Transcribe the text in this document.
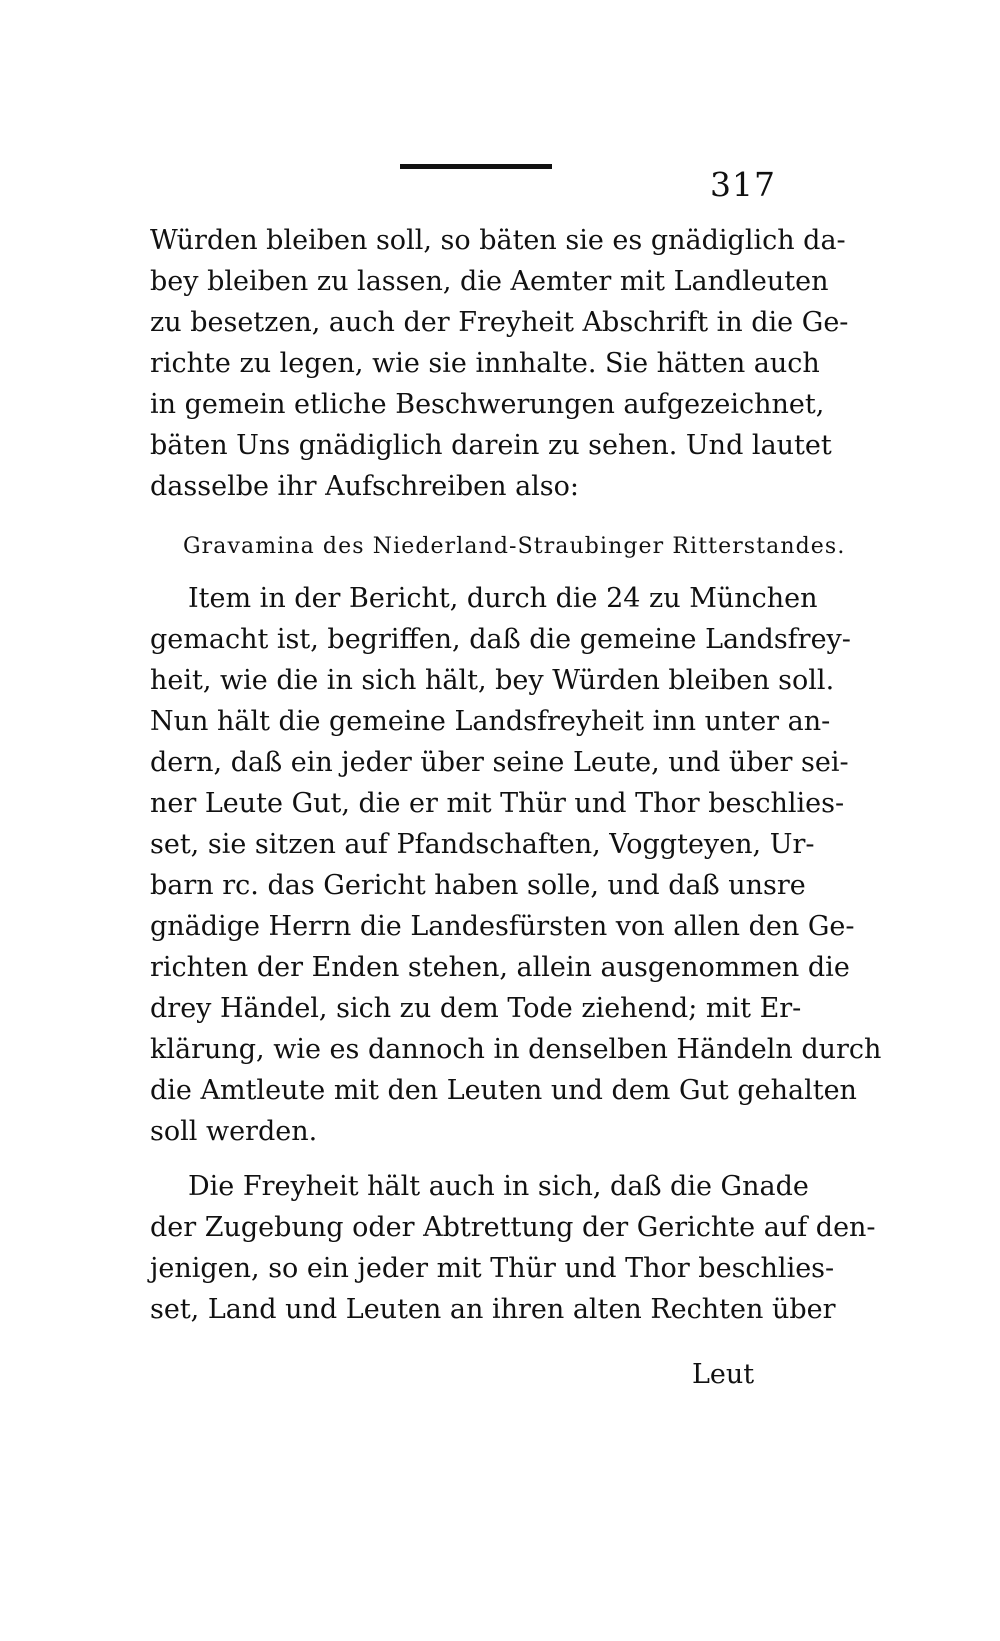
317
Würden bleiben soll, so bäten sie es gnädiglich da-
bey bleiben zu lassen, die Aemter mit Landleuten
zu besetzen, auch der Freyheit Abschrift in die Ge-
richte zu legen, wie sie innhalte. Sie hätten auch
in gemein etliche Beschwerungen aufgezeichnet,
bäten Uns gnädiglich darein zu sehen. Und lautet
dasselbe ihr Aufschreiben also:
Gravamina des Niederland-Straubinger Ritterstandes.
Item in der Bericht, durch die 24 zu München
gemacht ist, begriffen, daß die gemeine Landsfrey-
heit, wie die in sich hält, bey Würden bleiben soll.
Nun hält die gemeine Landsfreyheit inn unter an-
dern, daß ein jeder über seine Leute, und über sei-
ner Leute Gut, die er mit Thür und Thor beschlies-
set, sie sitzen auf Pfandschaften, Voggteyen, Ur-
barn rc. das Gericht haben solle, und daß unsre
gnädige Herrn die Landesfürsten von allen den Ge-
richten der Enden stehen, allein ausgenommen die
drey Händel, sich zu dem Tode ziehend; mit Er-
klärung, wie es dannoch in denselben Händeln durch
die Amtleute mit den Leuten und dem Gut gehalten
soll werden.
Die Freyheit hält auch in sich, daß die Gnade
der Zugebung oder Abtrettung der Gerichte auf den-
jenigen, so ein jeder mit Thür und Thor beschlies-
set, Land und Leuten an ihren alten Rechten über
Leut
